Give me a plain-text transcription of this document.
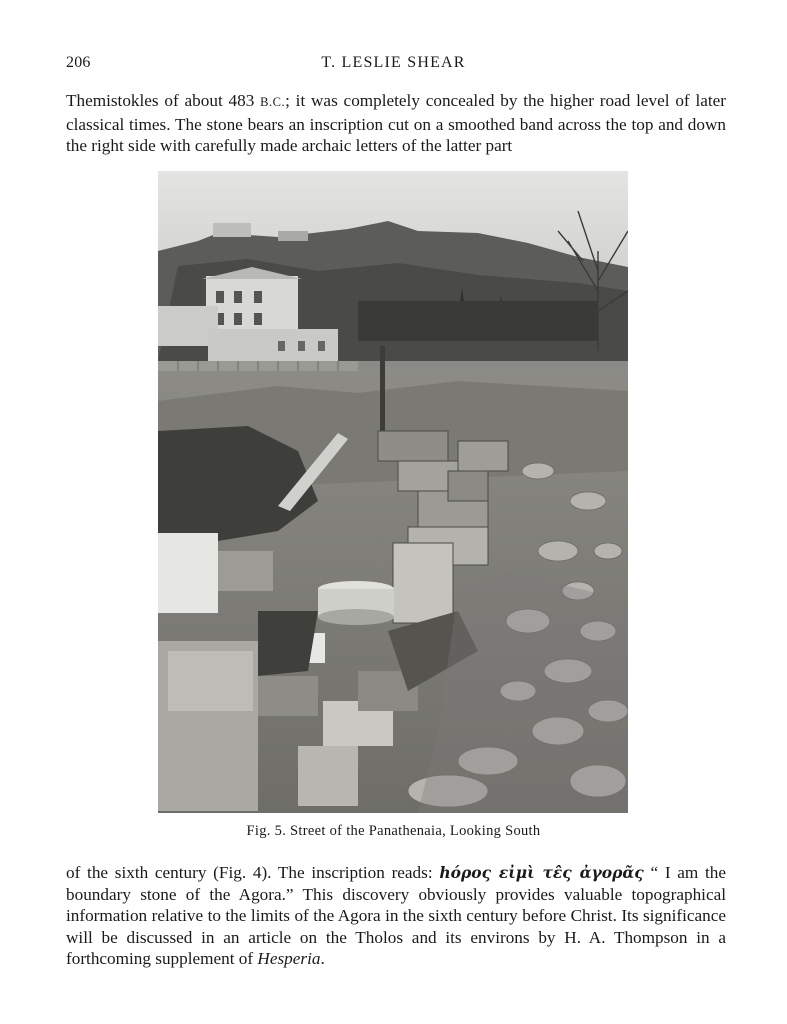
206	T. LESLIE SHEAR

Themistokles of about 483 B.C.; it was completely concealed by the higher road level of later classical times. The stone bears an inscription cut on a smoothed band across the top and down the right side with carefully made archaic letters of the latter part

Fig. 5. Street of the Panathenaia, Looking South

of the sixth century (Fig. 4). The inscription reads: hόρος εἰμὶ τε̂ς ἀγορᾶς “ I am the boundary stone of the Agora.” This discovery obviously provides valuable topographical information relative to the limits of the Agora in the sixth century before Christ. Its significance will be discussed in an article on the Tholos and its environs by H. A. Thompson in a forthcoming supplement of Hesperia.
